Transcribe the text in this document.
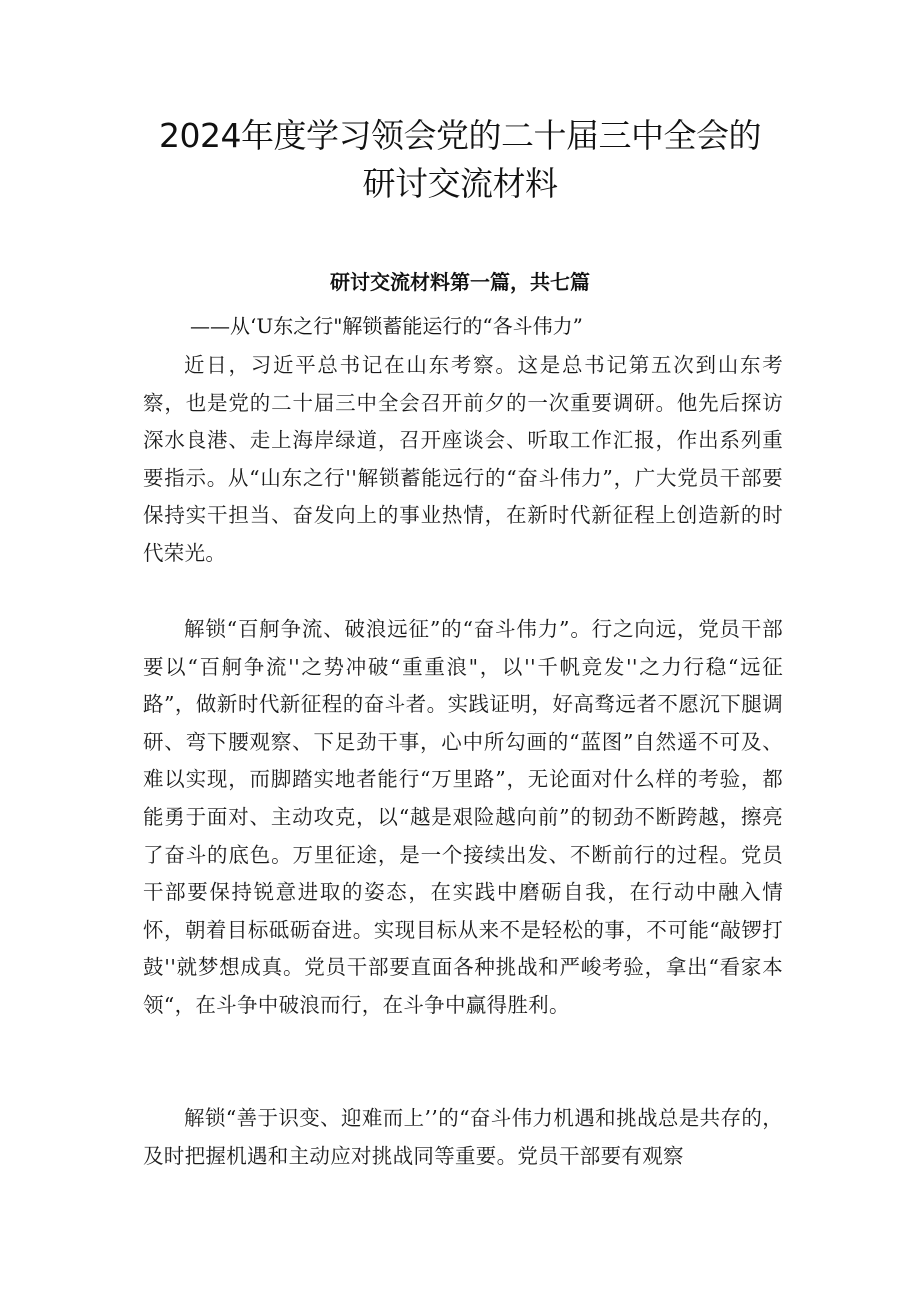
2024年度学习领会党的二十届三中全会的
研讨交流材料

研讨交流材料第一篇，共七篇

——从‘U东之行"解锁蓄能运行的“各斗伟力”

近日，习近平总书记在山东考察。这是总书记第五次到山东考察，也是党的二十届三中全会召开前夕的一次重要调研。他先后探访深水良港、走上海岸绿道，召开座谈会、听取工作汇报，作出系列重要指示。从“山东之行''解锁蓄能远行的“奋斗伟力”，广大党员干部要保持实干担当、奋发向上的事业热情，在新时代新征程上创造新的时代荣光。

解锁“百舸争流、破浪远征”的“奋斗伟力”。行之向远，党员干部要以“百舸争流''之势冲破“重重浪"，以''千帆竞发''之力行稳“远征路”，做新时代新征程的奋斗者。实践证明，好高骛远者不愿沉下腿调研、弯下腰观察、下足劲干事，心中所勾画的“蓝图”自然遥不可及、难以实现，而脚踏实地者能行“万里路”，无论面对什么样的考验，都能勇于面对、主动攻克，以“越是艰险越向前”的韧劲不断跨越，擦亮了奋斗的底色。万里征途，是一个接续出发、不断前行的过程。党员干部要保持锐意进取的姿态，在实践中磨砺自我，在行动中融入情怀，朝着目标砥砺奋进。实现目标从来不是轻松的事，不可能“敲锣打鼓''就梦想成真。党员干部要直面各种挑战和严峻考验，拿出“看家本领“，在斗争中破浪而行，在斗争中赢得胜利。

解锁“善于识变、迎难而上’’的“奋斗伟力机遇和挑战总是共存的，及时把握机遇和主动应对挑战同等重要。党员干部要有观察
